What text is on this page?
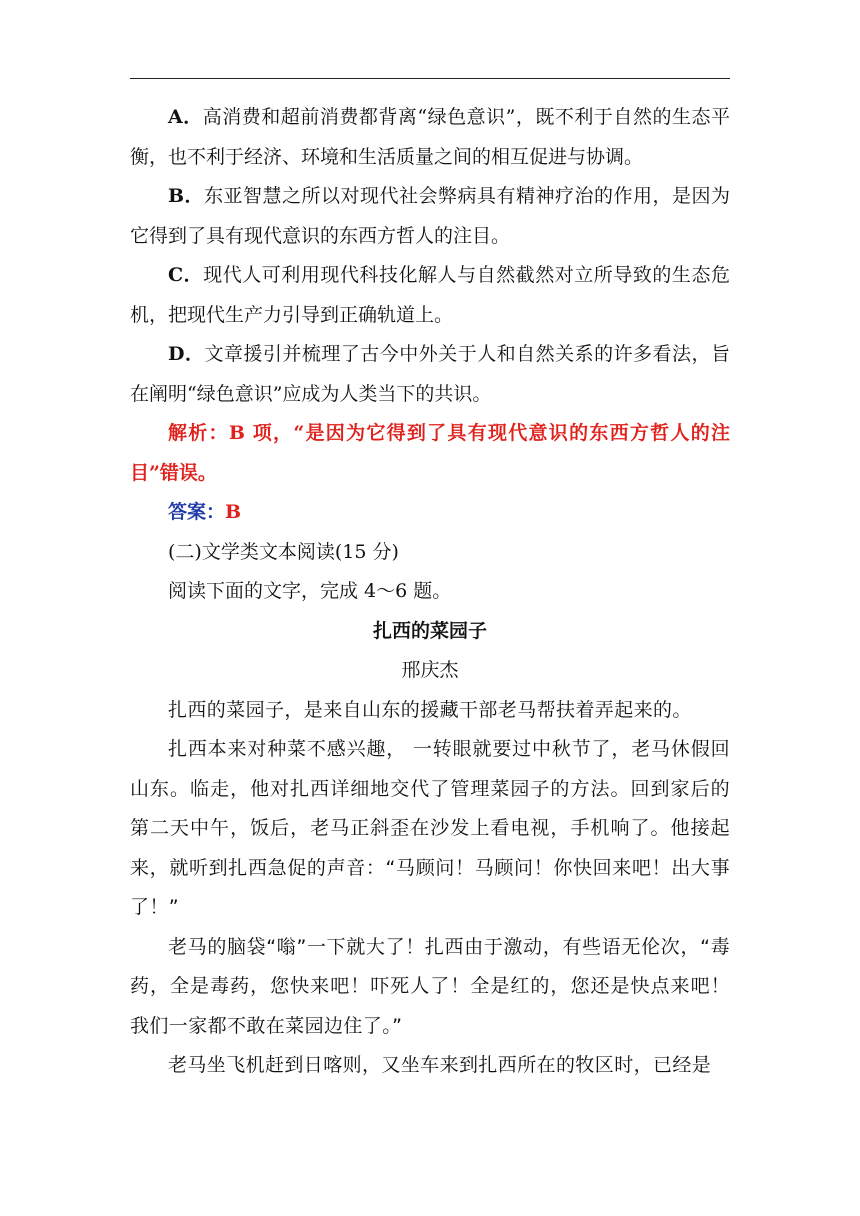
A．高消费和超前消费都背离“绿色意识”，既不利于自然的生态平衡，也不利于经济、环境和生活质量之间的相互促进与协调。

B．东亚智慧之所以对现代社会弊病具有精神疗治的作用，是因为它得到了具有现代意识的东西方哲人的注目。

C．现代人可利用现代科技化解人与自然截然对立所导致的生态危机，把现代生产力引导到正确轨道上。

D．文章援引并梳理了古今中外关于人和自然关系的许多看法，旨在阐明“绿色意识”应成为人类当下的共识。

解析：B 项，“是因为它得到了具有现代意识的东西方哲人的注目”错误。

答案：B

(二)文学类文本阅读(15 分)

阅读下面的文字，完成 4～6 题。

扎西的菜园子

邢庆杰

扎西的菜园子，是来自山东的援藏干部老马帮扶着弄起来的。

扎西本来对种菜不感兴趣， 一转眼就要过中秋节了，老马休假回山东。临走，他对扎西详细地交代了管理菜园子的方法。回到家后的第二天中午，饭后，老马正斜歪在沙发上看电视，手机响了。他接起来，就听到扎西急促的声音：“马顾问！马顾问！你快回来吧！出大事了！”

老马的脑袋“嗡”一下就大了！扎西由于激动，有些语无伦次，“毒药，全是毒药，您快来吧！吓死人了！全是红的，您还是快点来吧！我们一家都不敢在菜园边住了。”

老马坐飞机赶到日喀则，又坐车来到扎西所在的牧区时，已经是
